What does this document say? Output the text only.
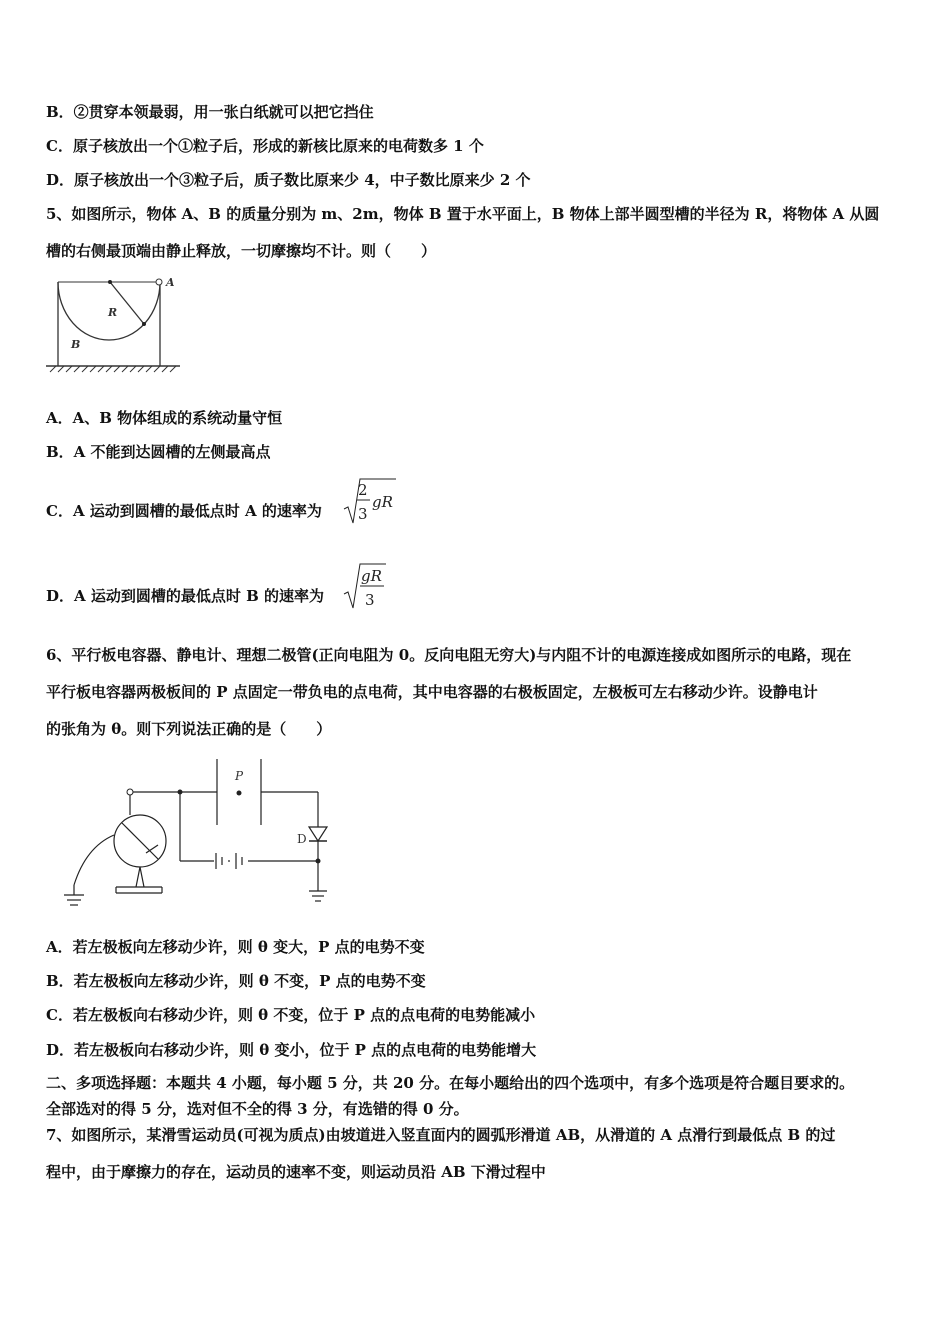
B．②贯穿本领最弱，用一张白纸就可以把它挡住
C．原子核放出一个①粒子后，形成的新核比原来的电荷数多 1 个
D．原子核放出一个③粒子后，质子数比原来少 4，中子数比原来少 2 个
5、如图所示，物体 A、B 的质量分别为 m、2m，物体 B 置于水平面上，B 物体上部半圆型槽的半径为 R，将物体 A 从圆
槽的右侧最顶端由静止释放，一切摩擦均不计。则（　　）
A
R
B
A．A、B 物体组成的系统动量守恒
B．A 不能到达圆槽的左侧最高点
C．A 运动到圆槽的最低点时 A 的速率为
2
3
gR
D．A 运动到圆槽的最低点时 B 的速率为
gR
3
6、平行板电容器、静电计、理想二极管(正向电阻为 0。反向电阻无穷大)与内阻不计的电源连接成如图所示的电路，现在
平行板电容器两极板间的 P 点固定一带负电的点电荷，其中电容器的右极板固定，左极板可左右移动少许。设静电计
的张角为 θ。则下列说法正确的是（　　）
P
D
A．若左极板向左移动少许，则 θ 变大，P 点的电势不变
B．若左极板向左移动少许，则 θ 不变，P 点的电势不变
C．若左极板向右移动少许，则 θ 不变，位于 P 点的点电荷的电势能减小
D．若左极板向右移动少许，则 θ 变小，位于 P 点的点电荷的电势能增大
二、多项选择题：本题共 4 小题，每小题 5 分，共 20 分。在每小题给出的四个选项中，有多个选项是符合题目要求的。
全部选对的得 5 分，选对但不全的得 3 分，有选错的得 0 分。
7、如图所示，某滑雪运动员(可视为质点)由坡道进入竖直面内的圆弧形滑道 AB，从滑道的 A 点滑行到最低点 B 的过
程中，由于摩擦力的存在，运动员的速率不变，则运动员沿 AB 下滑过程中
